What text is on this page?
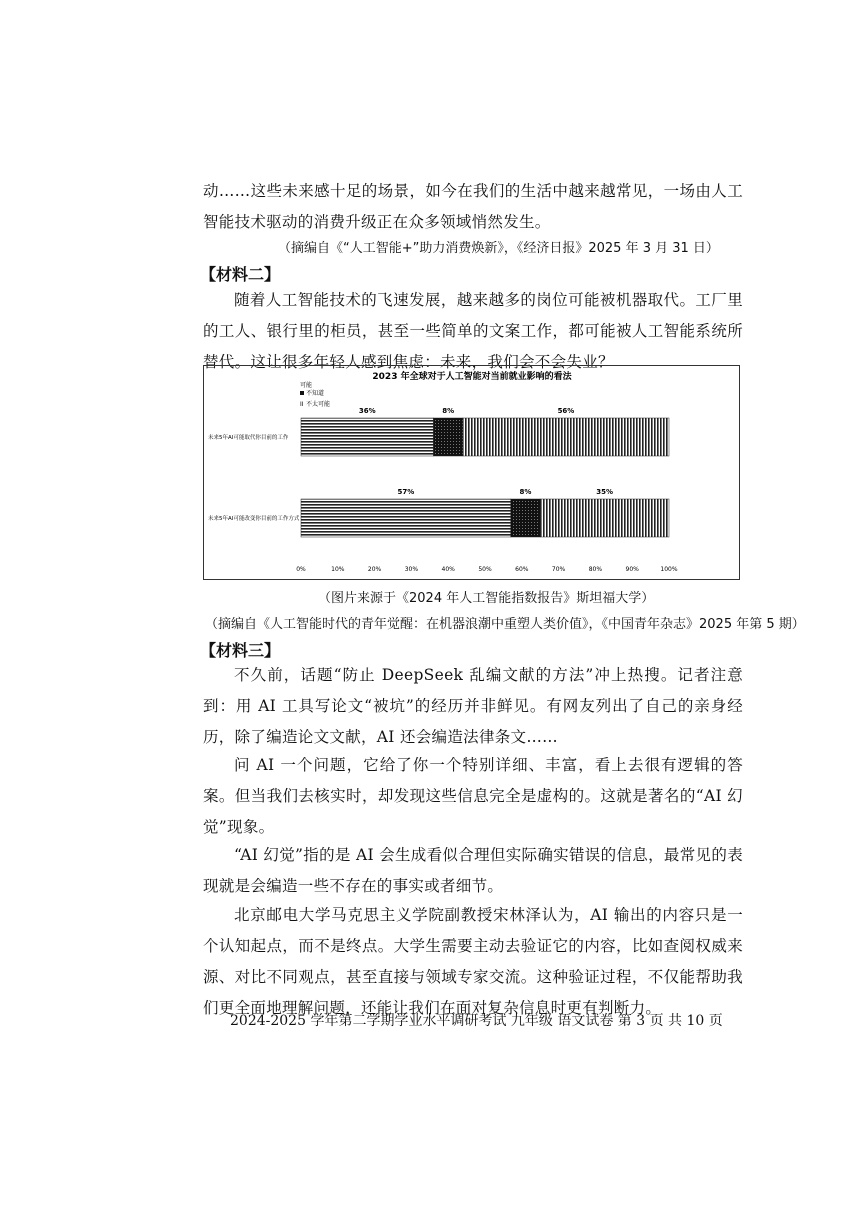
动……这些未来感十足的场景，如今在我们的生活中越来越常见，一场由人工智能技术驱动的消费升级正在众多领域悄然发生。
（摘编自《“人工智能+”助力消费焕新》，《经济日报》2025 年 3 月 31 日）
【材料二】
随着人工智能技术的飞速发展，越来越多的岗位可能被机器取代。工厂里的工人、银行里的柜员，甚至一些简单的文案工作，都可能被人工智能系统所替代。这让很多年轻人感到焦虑：未来，我们会不会失业？
2023 年全球对于人工智能对当前就业影响的看法
可能
不知道
II 不太可能
未来5年AI可能取代你目前的工作
36%	8%	56%
未来5年AI可能改变你目前的工作方式
57%	8%	35%
0%	10%	20%	30%	40%	50%	60%	70%	80%	90%	100%
（图片来源于《2024 年人工智能指数报告》斯坦福大学）
（摘编自《人工智能时代的青年觉醒：在机器浪潮中重塑人类价值》，《中国青年杂志》2025 年第 5 期）
【材料三】
不久前，话题“防止 DeepSeek 乱编文献的方法”冲上热搜。记者注意到：用 AI 工具写论文“被坑”的经历并非鲜见。有网友列出了自己的亲身经历，除了编造论文文献，AI 还会编造法律条文……
问 AI 一个问题，它给了你一个特别详细、丰富，看上去很有逻辑的答案。但当我们去核实时，却发现这些信息完全是虚构的。这就是著名的“AI 幻觉”现象。
“AI 幻觉”指的是 AI 会生成看似合理但实际确实错误的信息，最常见的表现就是会编造一些不存在的事实或者细节。
北京邮电大学马克思主义学院副教授宋林泽认为，AI 输出的内容只是一个认知起点，而不是终点。大学生需要主动去验证它的内容，比如查阅权威来源、对比不同观点，甚至直接与领域专家交流。这种验证过程，不仅能帮助我们更全面地理解问题，还能让我们在面对复杂信息时更有判断力。
2024-2025 学年第二学期学业水平调研考试 九年级 语文试卷 第 3 页 共 10 页
